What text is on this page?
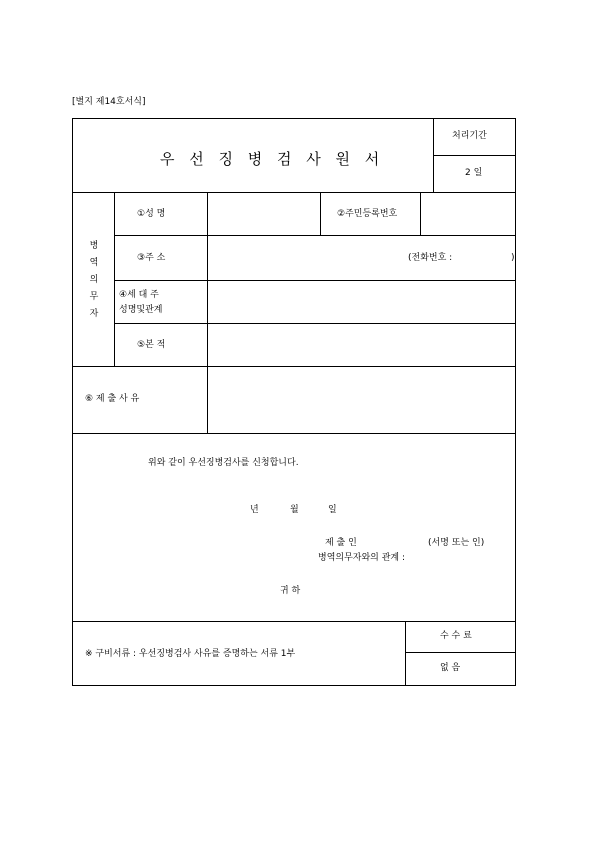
[별지 제14호서식]
우 선 징 병 검 사 원 서
처리기간
2 일
병
역
의
무
자
①성 명	②주민등록번호
③주 소	(전화번호 :	)
④세 대 주
성명및관계
⑤본 적
⑥ 제 출 사 유
위와 같이 우선징병검사를 신청합니다.
년	월	일
제 출 인	(서명 또는 인)
병역의무자와의 관계 :
귀 하
※ 구비서류 : 우선징병검사 사유를 증명하는 서류 1부
수 수 료
없 음
